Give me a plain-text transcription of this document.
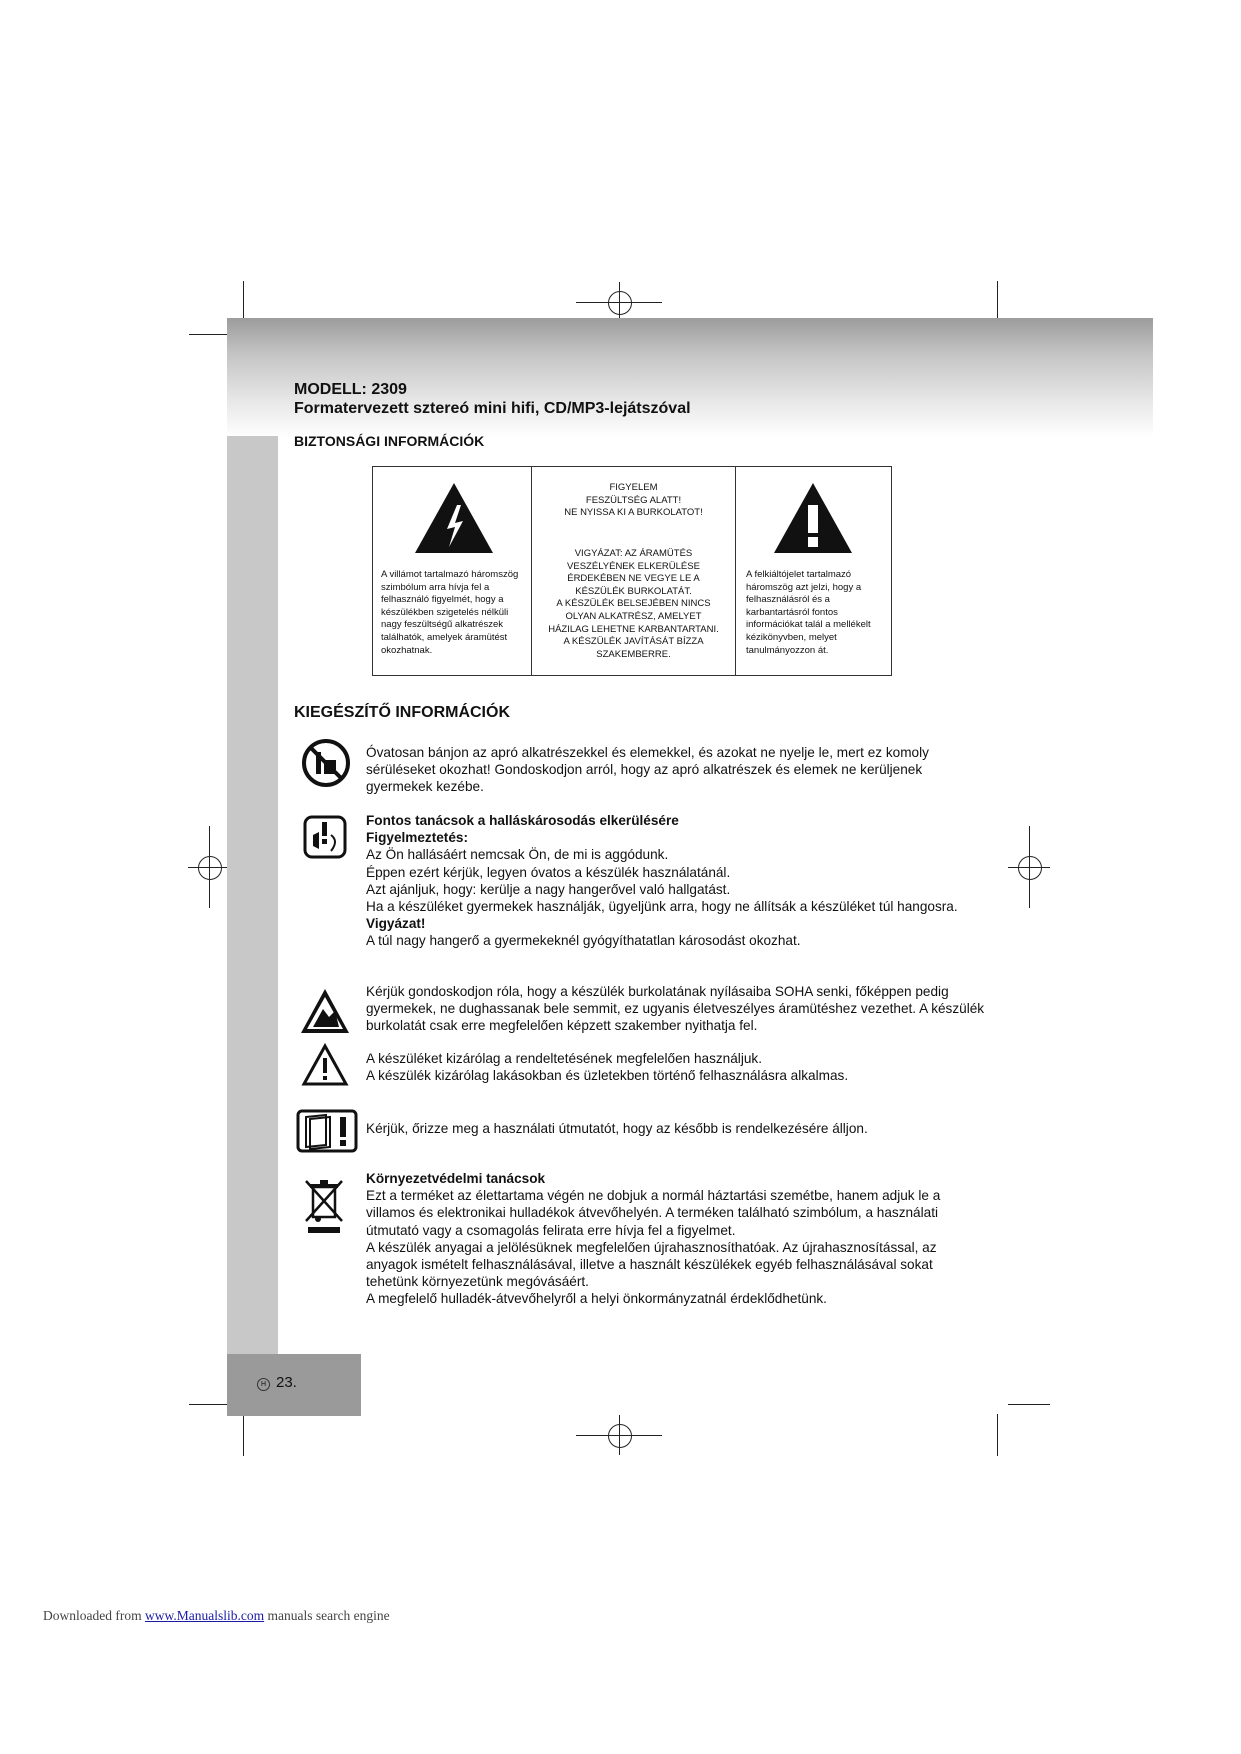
H 23.
MODELL: 2309
Formatervezett sztereó mini hifi, CD/MP3-lejátszóval
BIZTONSÁGI INFORMÁCIÓK
A villámot tartalmazó háromszög szimbólum arra hívja fel a felhasználó figyelmét, hogy a készülékben szigetelés nélküli nagy feszültségű alkatrészek találhatók, amelyek áramütést okozhatnak.
FIGYELEM
FESZÜLTSÉG ALATT!
NE NYISSA KI A BURKOLATOT!
VIGYÁZAT: AZ ÁRAMÜTÉS
VESZÉLYÉNEK ELKERÜLÉSE
ÉRDEKÉBEN NE VEGYE LE A
KÉSZÜLÉK BURKOLATÁT.
A KÉSZÜLÉK BELSEJÉBEN NINCS
OLYAN ALKATRÉSZ, AMELYET
HÁZILAG LEHETNE KARBANTARTANI.
A KÉSZÜLÉK JAVÍTÁSÁT BÍZZA
SZAKEMBERRE.
A felkiáltójelet tartalmazó háromszög azt jelzi, hogy a felhasználásról és a karbantartásról fontos információkat talál a mellékelt kézikönyvben, melyet tanulmányozzon át.
KIEGÉSZÍTŐ INFORMÁCIÓK
Óvatosan bánjon az apró alkatrészekkel és elemekkel, és azokat ne nyelje le, mert ez komoly sérüléseket okozhat! Gondoskodjon arról, hogy az apró alkatrészek és elemek ne kerüljenek gyermekek kezébe.

Fontos tanácsok a halláskárosodás elkerülésére

Figyelmeztetés:

Az Ön hallásáért nemcsak Ön, de mi is aggódunk.

Éppen ezért kérjük, legyen óvatos a készülék használatánál.

Azt ajánljuk, hogy: kerülje a nagy hangerővel való hallgatást.

Ha a készüléket gyermekek használják, ügyeljünk arra, hogy ne állítsák a készüléket túl hangosra.

Vigyázat!

A túl nagy hangerő a gyermekeknél gyógyíthatatlan károsodást okozhat.

Kérjük gondoskodjon róla, hogy a készülék burkolatának nyílásaiba SOHA senki, főképpen pedig gyermekek, ne dughassanak bele semmit, ez ugyanis életveszélyes áramütéshez vezethet. A készülék burkolatát csak erre megfelelően képzett szakember nyithatja fel.

A készüléket kizárólag a rendeltetésének megfelelően használjuk.

A készülék kizárólag lakásokban és üzletekben történő felhasználásra alkalmas.

Kérjük, őrizze meg a használati útmutatót, hogy az később is rendelkezésére álljon.

Környezetvédelmi tanácsok

Ezt a terméket az élettartama végén ne dobjuk a normál háztartási szemétbe, hanem adjuk le a villamos és elektronikai hulladékok átvevőhelyén. A terméken található szimbólum, a használati útmutató vagy a csomagolás felirata erre hívja fel a figyelmet.

A készülék anyagai a jelölésüknek megfelelően újrahasznosíthatóak. Az újrahasznosítással, az anyagok ismételt felhasználásával, illetve a használt készülékek egyéb felhasználásával sokat tehetünk környezetünk megóvásáért.

A megfelelő hulladék-átvevőhelyről a helyi önkormányzatnál érdeklődhetünk.

Downloaded from www.Manualslib.com manuals search engine
